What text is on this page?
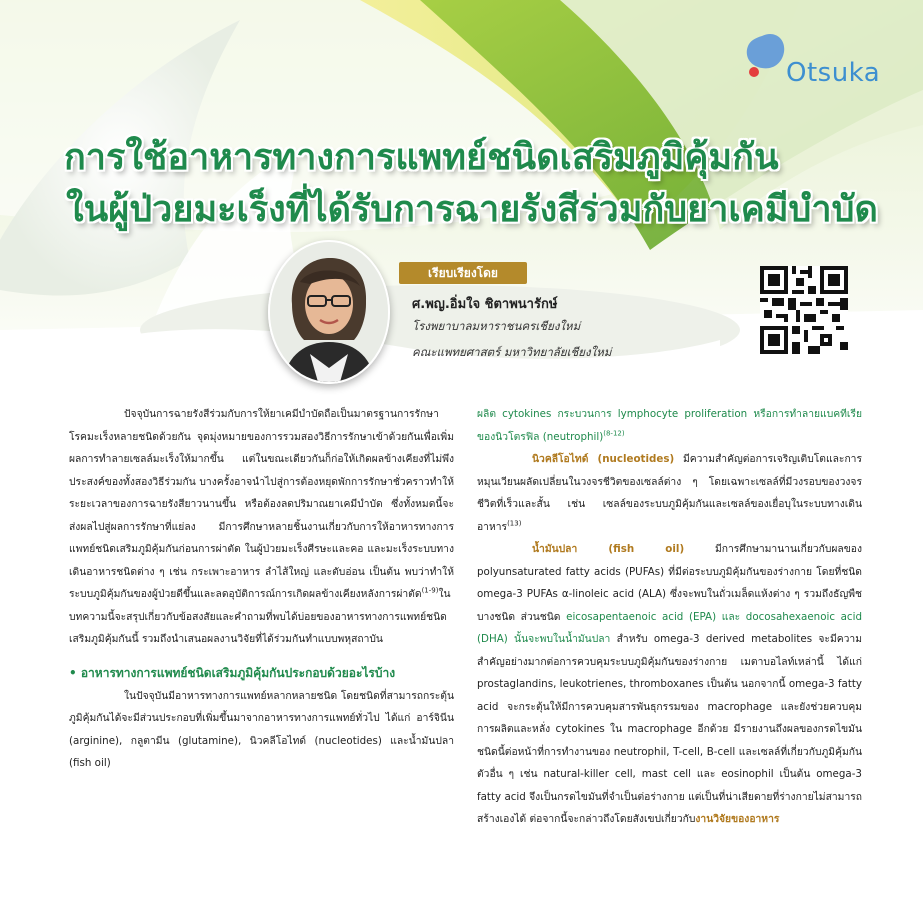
Otsuka
การใช้อาหารทางการแพทย์ชนิดเสริมภูมิคุ้มกัน
ในผู้ป่วยมะเร็งที่ได้รับการฉายรังสีร่วมกับยาเคมีบำบัด
เรียบเรียงโดย
ศ.พญ.อิ่มใจ ชิตาพนารักษ์
โรงพยาบาลมหาราชนครเชียงใหม่
คณะแพทยศาสตร์ มหาวิทยาลัยเชียงใหม่

ปัจจุบันการฉายรังสีร่วมกับการให้ยาเคมีบำบัดถือเป็นมาตรฐานการรักษาโรคมะเร็งหลายชนิดด้วยกัน จุดมุ่งหมายของการรวมสองวิธีการรักษาเข้าด้วยกันเพื่อเพิ่มผลการทำลายเซลล์มะเร็งให้มากขึ้น แต่ในขณะเดียวกันก็ก่อให้เกิดผลข้างเคียงที่ไม่พึงประสงค์ของทั้งสองวิธีร่วมกัน บางครั้งอาจนำไปสู่การต้องหยุดพักการรักษาชั่วคราวทำให้ระยะเวลาของการฉายรังสียาวนานขึ้น หรือต้องลดปริมาณยาเคมีบำบัด ซึ่งทั้งหมดนี้จะส่งผลไปสู่ผลการรักษาที่แย่ลง มีการศึกษาหลายชิ้นงานเกี่ยวกับการให้อาหารทางการแพทย์ชนิดเสริมภูมิคุ้มกันก่อนการผ่าตัด ในผู้ป่วยมะเร็งศีรษะและคอ และมะเร็งระบบทางเดินอาหารชนิดต่าง ๆ เช่น กระเพาะอาหาร ลำไส้ใหญ่ และตับอ่อน เป็นต้น พบว่าทำให้ระบบภูมิคุ้มกันของผู้ป่วยดีขึ้นและลดอุบัติการณ์การเกิดผลข้างเคียงหลังการผ่าตัด$^{(1-9)}$ในบทความนี้จะสรุปเกี่ยวกับข้อสงสัยและคำถามที่พบได้บ่อยของอาหารทางการแพทย์ชนิดเสริมภูมิคุ้มกันนี้ รวมถึงนำเสนอผลงานวิจัยที่ได้ร่วมกันทำแบบพหุสถาบัน

• อาหารทางการแพทย์ชนิดเสริมภูมิคุ้มกันประกอบด้วยอะไรบ้าง

ในปัจจุบันมีอาหารทางการแพทย์หลากหลายชนิด โดยชนิดที่สามารถกระตุ้นภูมิคุ้มกันได้จะมีส่วนประกอบที่เพิ่มขึ้นมาจากอาหารทางการแพทย์ทั่วไป ได้แก่ อาร์จินีน (arginine), กลูตามีน (glutamine), นิวคลีโอไทด์ (nucleotides) และน้ำมันปลา (fish oil)

ผลิต cytokines กระบวนการ lymphocyte proliferation หรือการทำลายแบคทีเรียของนิวโตรฟิล (neutrophil)$^{(8-12)}$

นิวคลีโอไทด์ (nucleotides) มีความสำคัญต่อการเจริญเติบโตและการหมุนเวียนผลัดเปลี่ยนในวงจรชีวิตของเซลล์ต่าง ๆ โดยเฉพาะเซลล์ที่มีวงรอบของวงจรชีวิตที่เร็วและสั้น เช่น เซลล์ของระบบภูมิคุ้มกันและเซลล์ของเยื่อบุในระบบทางเดินอาหาร$^{(13)}$

น้ำมันปลา (fish oil) มีการศึกษามานานเกี่ยวกับผลของ polyunsaturated fatty acids (PUFAs) ที่มีต่อระบบภูมิคุ้มกันของร่างกาย โดยที่ชนิด omega-3 PUFAs α-linoleic acid (ALA) ซึ่งจะพบในถั่วเมล็ดแห้งต่าง ๆ รวมถึงธัญพืชบางชนิด ส่วนชนิด eicosapentaenoic acid (EPA) และ docosahexaenoic acid (DHA) นั้นจะพบในน้ำมันปลา สำหรับ omega-3 derived metabolites จะมีความสำคัญอย่างมากต่อการควบคุมระบบภูมิคุ้มกันของร่างกาย เมตาบอไลท์เหล่านี้ ได้แก่ prostaglandins, leukotrienes, thromboxanes เป็นต้น นอกจากนี้ omega-3 fatty acid จะกระตุ้นให้มีการควบคุมสารพันธุกรรมของ macrophage และยังช่วยควบคุมการผลิตและหลั่ง cytokines ใน macrophage อีกด้วย มีรายงานถึงผลของกรดไขมันชนิดนี้ต่อหน้าที่การทำงานของ neutrophil, T-cell, B-cell และเซลล์ที่เกี่ยวกับภูมิคุ้มกันตัวอื่น ๆ เช่น natural-killer cell, mast cell และ eosinophil เป็นต้น omega-3 fatty acid จึงเป็นกรดไขมันที่จำเป็นต่อร่างกาย แต่เป็นที่น่าเสียดายที่ร่างกายไม่สามารถสร้างเองได้ ต่อจากนี้จะกล่าวถึงโดยสังเขปเกี่ยวกับงานวิจัยของอาหาร
